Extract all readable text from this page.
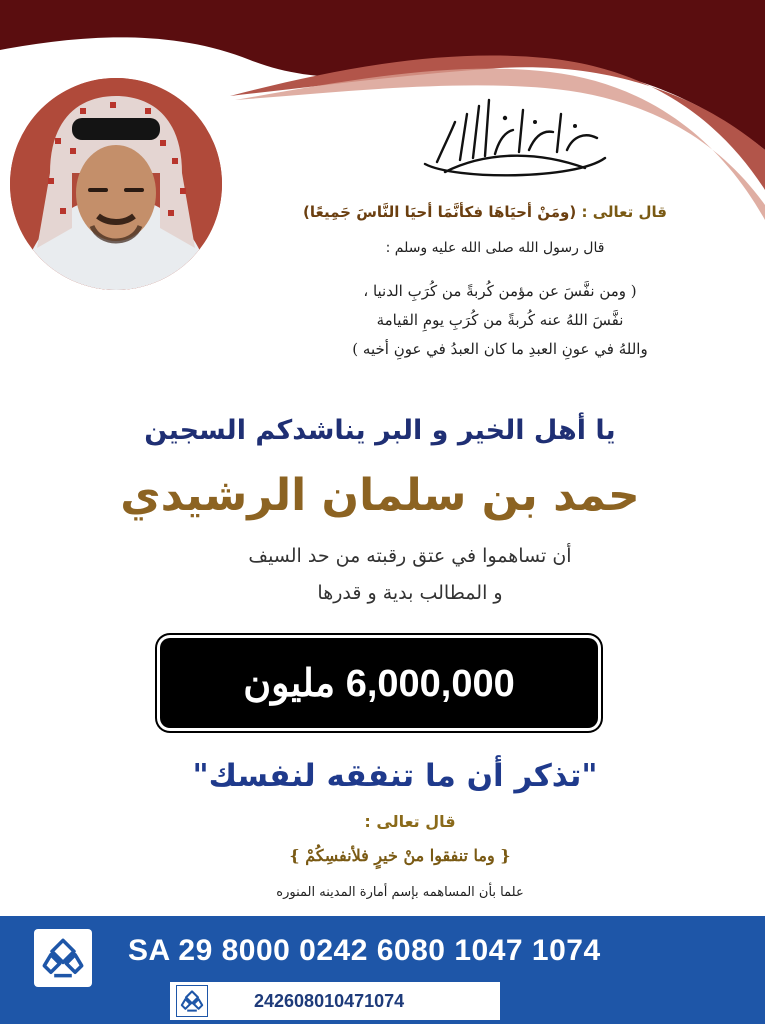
قال تعالى : (ومَنْ أحيَاهَا فكأنَّمَا أحيَا النَّاسَ جَمِيعًا)
قال رسول الله صلى الله عليه وسلم :
( ومن نفَّسَ عن مؤمن كُربةً من كُرَبِ الدنيا ،
نفَّسَ اللهُ عنه كُربةً من كُرَبِ يومِ القيامة
واللهُ في عونِ العبدِ ما كان العبدُ في عونِ أخيه )
يا أهل الخير و البر يناشدكم السجين
حمد بن سلمان الرشيدي
أن تساهموا في عتق رقبته من حد السيف
و المطالب بدية و قدرها
6,000,000 مليون
"تذكر أن ما تنفقه لنفسك"
قال تعالى :
{ وما تنفقوا منْ خيرٍ فلأنفسِكُمْ }
علما بأن المساهمه بإسم أمارة المدينه المنوره
SA 29 8000 0242 6080 1047 1074
242608010471074
